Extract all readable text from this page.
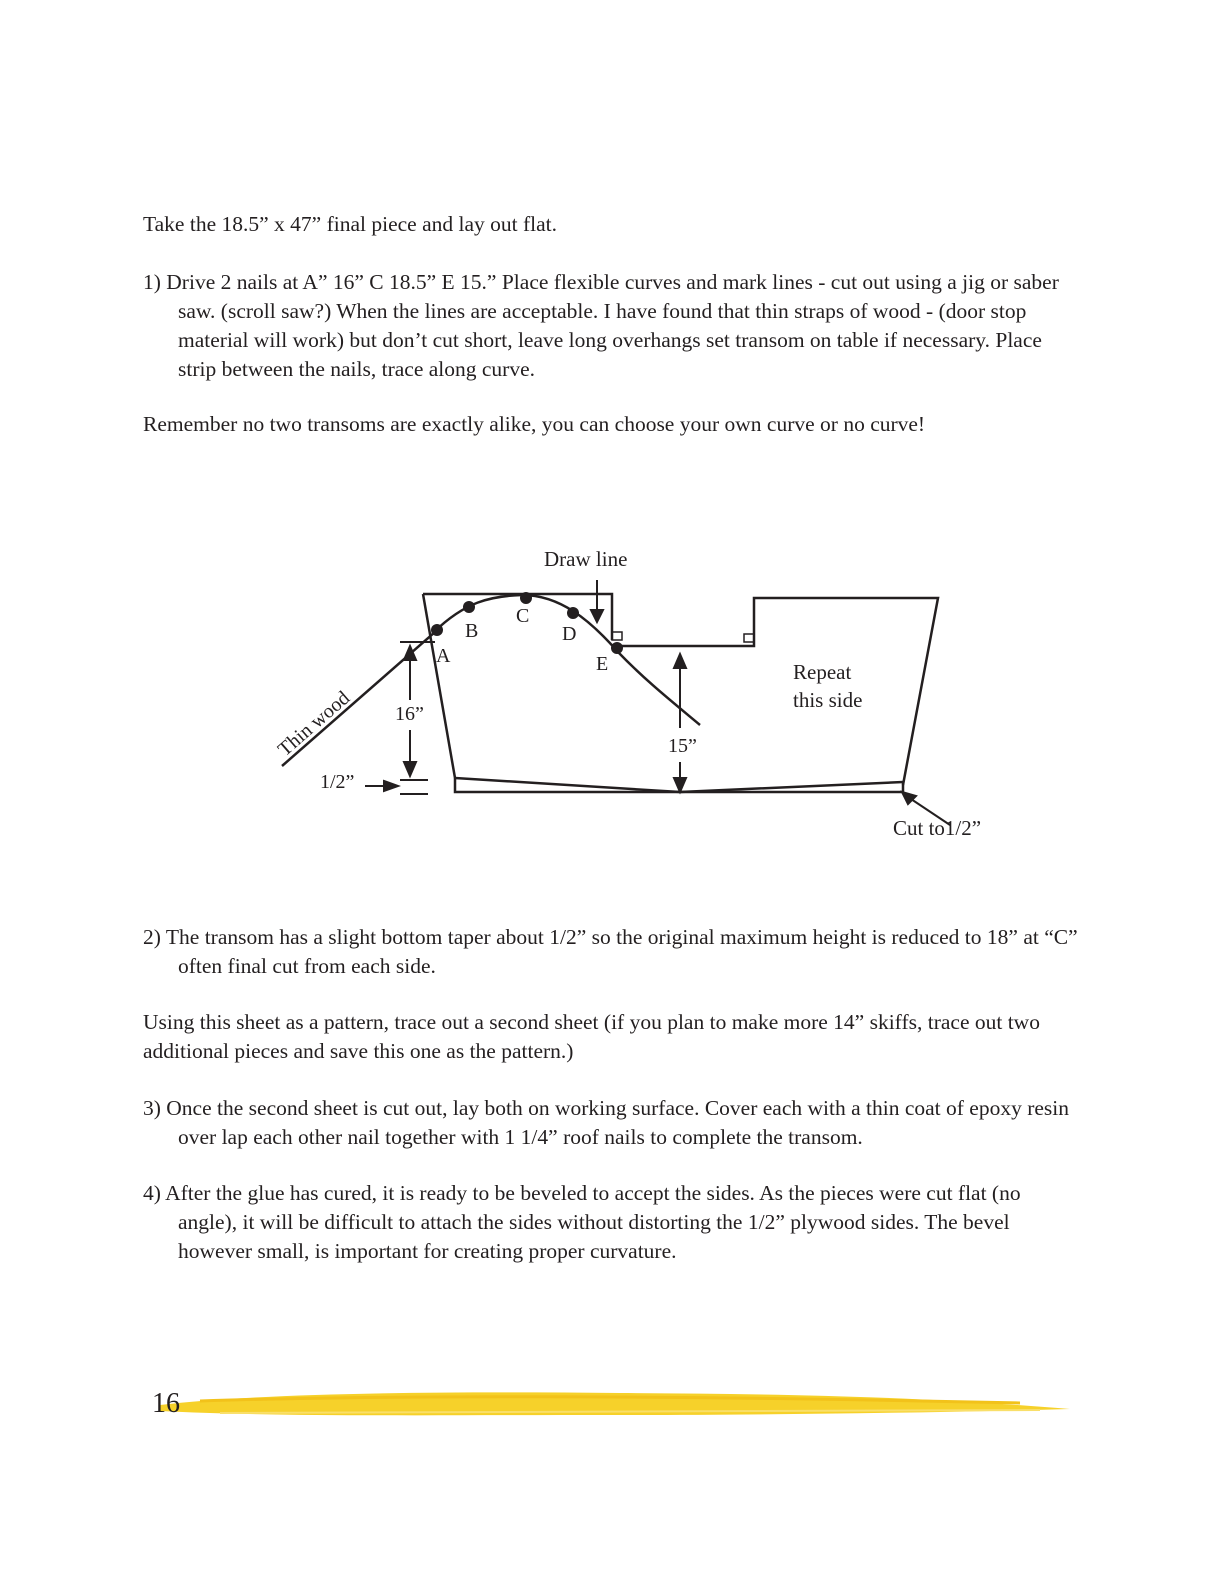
Take the 18.5” x 47” final piece and lay out flat.

1) Drive 2 nails at A” 16” C 18.5” E 15.” Place flexible curves and mark lines - cut out using a jig or saber saw. (scroll saw?) When the lines are acceptable. I have found that thin straps of wood - (door stop material will work) but don’t cut short, leave long overhangs set transom on table if necessary. Place strip between the nails, trace along curve.

Remember no two transoms are exactly alike, you can choose your own curve or no curve!

Draw line
A
B
C
D
E
Thin wood 16”
1/2”
15”
Repeat
this side
Cut to1/2”

2) The transom has a slight bottom taper about 1/2” so the original maximum height is reduced to 18” at “C” often final cut from each side.

Using this sheet as a pattern, trace out a second sheet (if you plan to make more 14” skiffs, trace out two additional pieces and save this one as the pattern.)

3) Once the second sheet is cut out, lay both on working surface. Cover each with a thin coat of epoxy resin over lap each other nail together with 1 1/4” roof nails to complete the transom.

4) After the glue has cured, it is ready to be beveled to accept the sides. As the pieces were cut flat (no angle), it will be difficult to attach the sides without distorting the 1/2” plywood sides. The bevel however small, is important for creating proper curvature.

16
